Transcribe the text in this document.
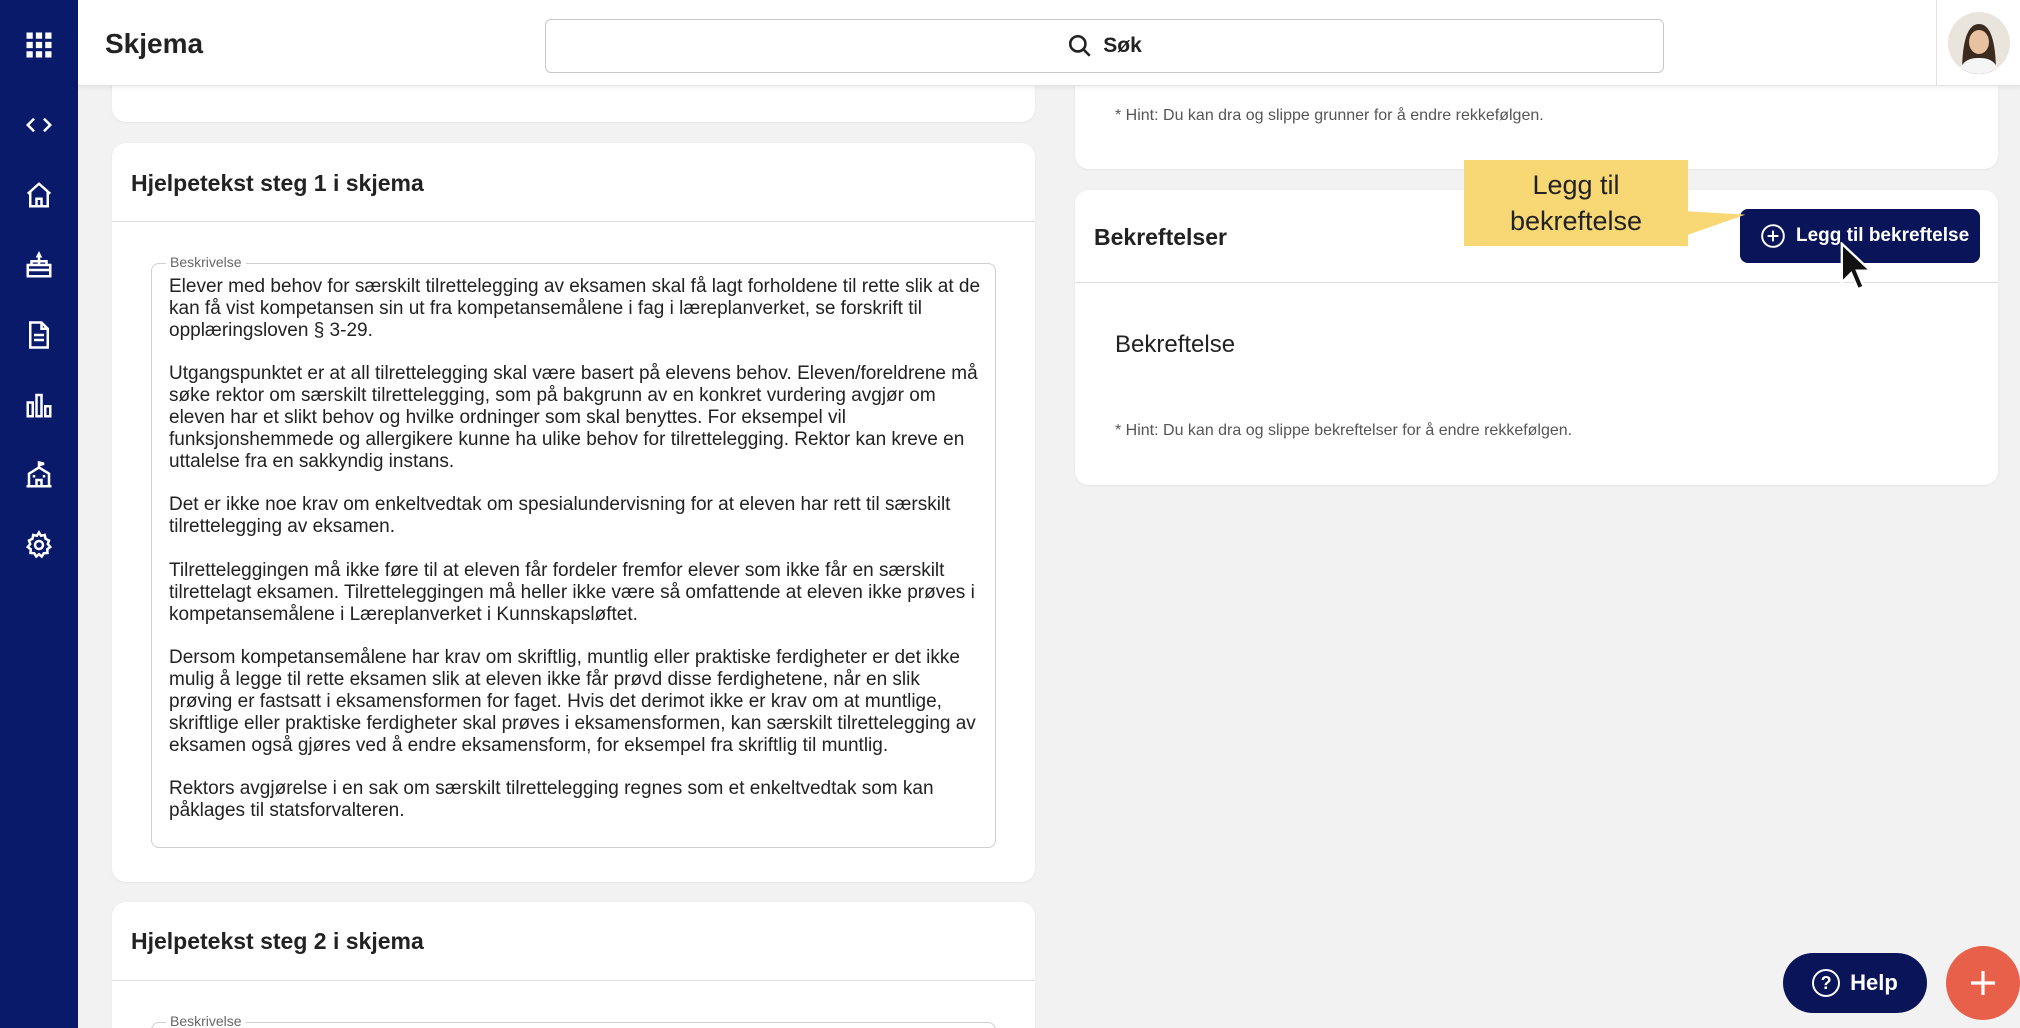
Skjema	Søk
Hjelpetekst steg 1 i skjema
Beskrivelse

Elever med behov for særskilt tilrettelegging av eksamen skal få lagt forholdene til rette slik at de kan få vist kompetansen sin ut fra kompetansemålene i fag i læreplanverket, se forskrift til opplæringsloven § 3-29.

Utgangspunktet er at all tilrettelegging skal være basert på elevens behov. Eleven/foreldrene må søke rektor om særskilt tilrettelegging, som på bakgrunn av en konkret vurdering avgjør om eleven har et slikt behov og hvilke ordninger som skal benyttes. For eksempel vil funksjonshemmede og allergikere kunne ha ulike behov for tilrettelegging. Rektor kan kreve en uttalelse fra en sakkyndig instans.

Det er ikke noe krav om enkeltvedtak om spesialundervisning for at eleven har rett til særskilt tilrettelegging av eksamen.

Tilretteleggingen må ikke føre til at eleven får fordeler fremfor elever som ikke får en særskilt tilrettelagt eksamen. Tilretteleggingen må heller ikke være så omfattende at eleven ikke prøves i kompetansemålene i Læreplanverket i Kunnskapsløftet.

Dersom kompetansemålene har krav om skriftlig, muntlig eller praktiske ferdigheter er det ikke mulig å legge til rette eksamen slik at eleven ikke får prøvd disse ferdighetene, når en slik prøving er fastsatt i eksamensformen for faget. Hvis det derimot ikke er krav om at muntlige, skriftlige eller praktiske ferdigheter skal prøves i eksamensformen, kan særskilt tilrettelegging av eksamen også gjøres ved å endre eksamensform, for eksempel fra skriftlig til muntlig.

Rektors avgjørelse i en sak om særskilt tilrettelegging regnes som et enkeltvedtak som kan påklages til statsforvalteren.

Hjelpetekst steg 2 i skjema
Beskrivelse
* Hint: Du kan dra og slippe grunner for å endre rekkefølgen.
Bekreftelser
Bekreftelse
* Hint: Du kan dra og slippe bekreftelser for å endre rekkefølgen.
Legg til bekreftelse
Legg til
bekreftelse
? Help
